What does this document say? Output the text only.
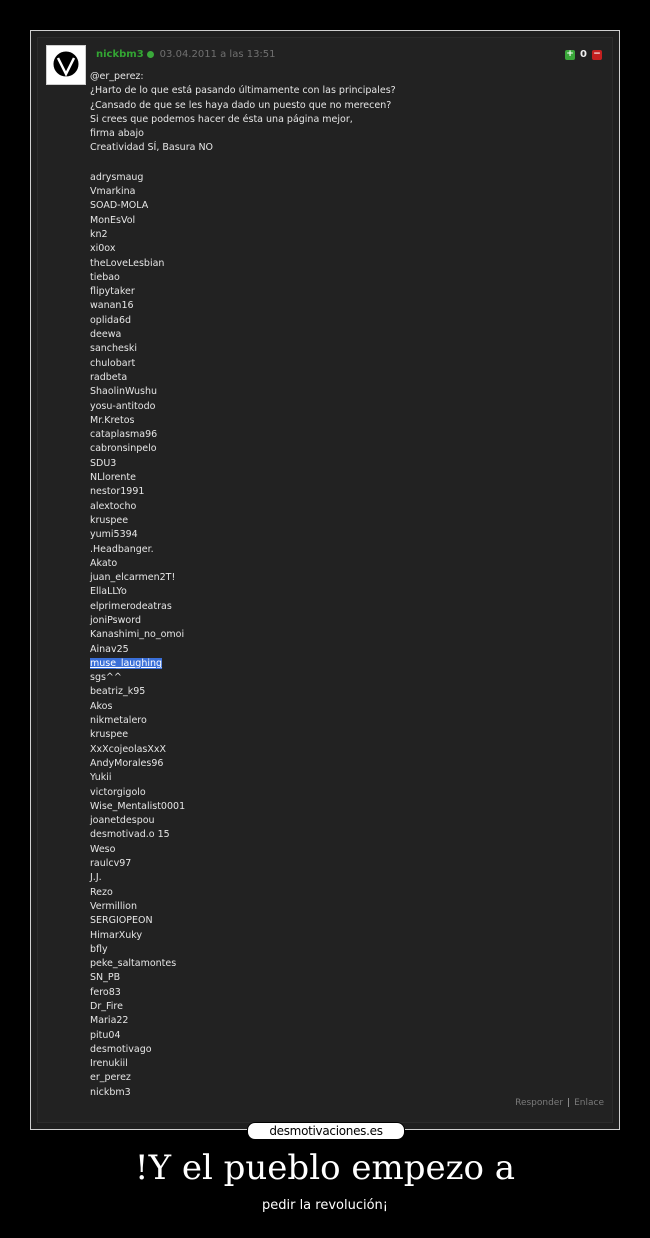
nickbm3 03.04.2011 a las 13:51	+ 0 −
@er_perez:
¿Harto de lo que está pasando últimamente con las principales?
¿Cansado de que se les haya dado un puesto que no merecen?
Si crees que podemos hacer de ésta una página mejor,
firma abajo
Creatividad SÍ, Basura NO
adrysmaug
Vmarkina
SOAD-MOLA
MonEsVol
kn2
xi0ox
theLoveLesbian
tiebao
flipytaker
wanan16
oplida6d
deewa
sancheski
chulobart
radbeta
ShaolinWushu
yosu-antitodo
Mr.Kretos
cataplasma96
cabronsinpelo
SDU3
NLlorente
nestor1991
alextocho
kruspee
yumi5394
.Headbanger.
Akato
juan_elcarmen2T!
EllaLLYo
elprimerodeatras
joniPsword
Kanashimi_no_omoi
Ainav25
muse_laughing
sgs^^
beatriz_k95
Akos
nikmetalero
kruspee
XxXcojeolasXxX
AndyMorales96
Yukii
victorgigolo
Wise_Mentalist0001
joanetdespou
desmotivad.o 15
Weso
raulcv97
J.J.
Rezo
Vermillion
SERGIOPEON
HimarXuky
bfly
peke_saltamontes
SN_PB
fero83
Dr_Fire
Maria22
pitu04
desmotivago
Irenukiil
er_perez
nickbm3
Responder | Enlace
desmotivaciones.es
!Y el pueblo empezo a
pedir la revolución¡
